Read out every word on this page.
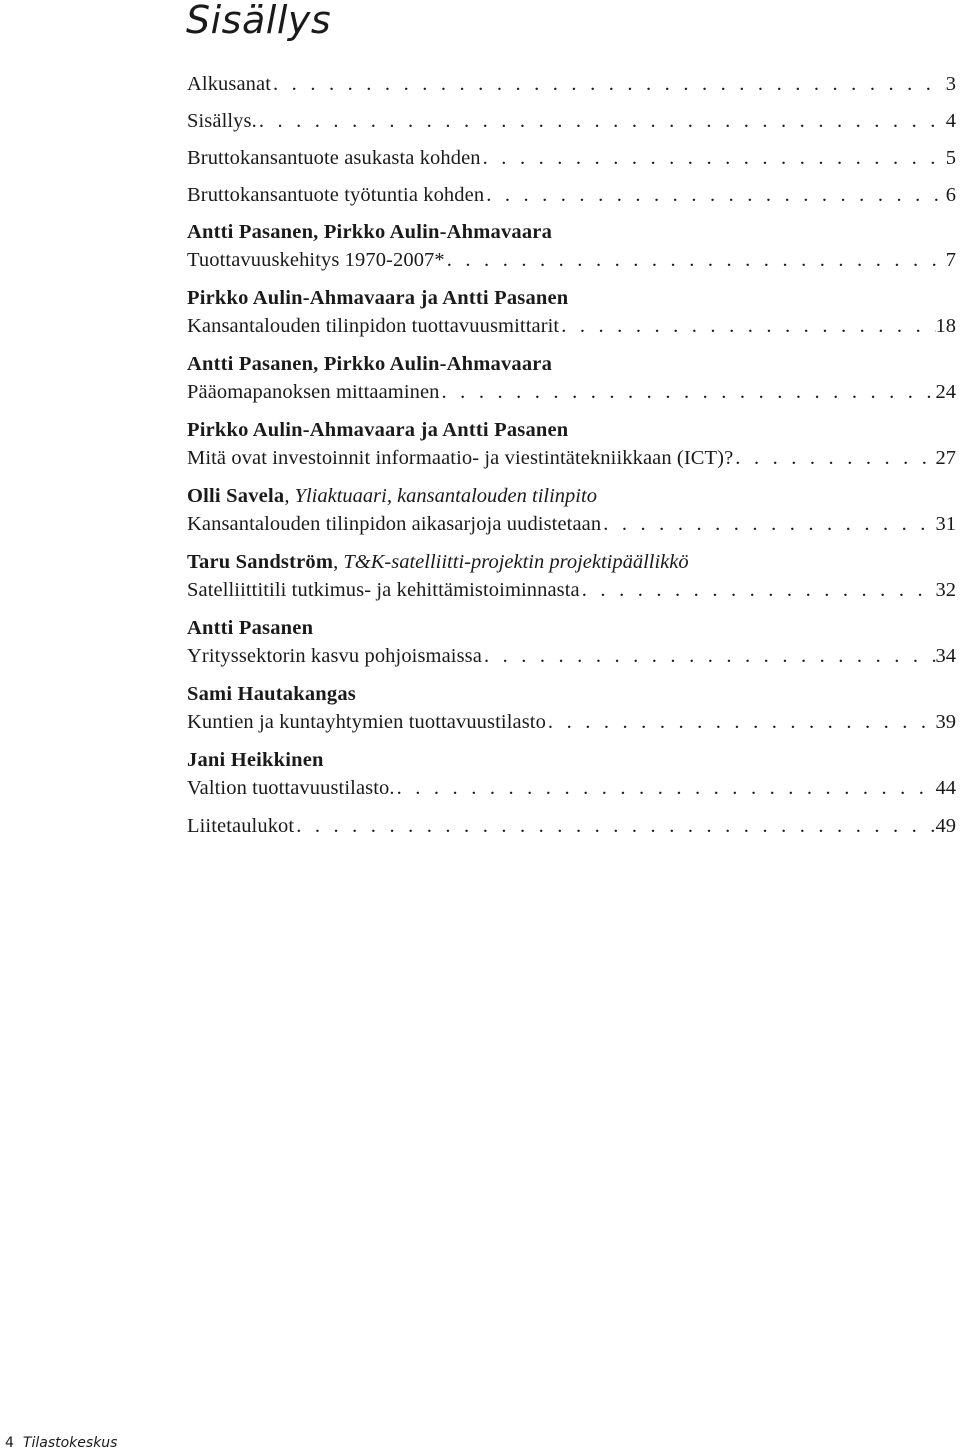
Sisällys
Alkusanat . . .	3
Sisällys. . . .	4
Bruttokansantuote asukasta kohden . . .	5
Bruttokansantuote työtuntia kohden . . .	6
Antti Pasanen, Pirkko Aulin-Ahmavaara
Tuottavuuskehitys 1970-2007* . . .	7
Pirkko Aulin-Ahmavaara ja Antti Pasanen
Kansantalouden tilinpidon tuottavuusmittarit . . .	18
Antti Pasanen, Pirkko Aulin-Ahmavaara
Pääomapanoksen mittaaminen . . .	24
Pirkko Aulin-Ahmavaara ja Antti Pasanen
Mitä ovat investoinnit informaatio- ja viestintätekniikkaan (ICT)? . . .	27
Olli Savela, Yliaktuaari, kansantalouden tilinpito
Kansantalouden tilinpidon aikasarjoja uudistetaan . . .	31
Taru Sandström, T&K-satelliitti-projektin projektipäällikkö
Satelliittitili tutkimus- ja kehittämistoiminnasta . . .	32
Antti Pasanen
Yrityssektorin kasvu pohjoismaissa . . .	34
Sami Hautakangas
Kuntien ja kuntayhtymien tuottavuustilasto . . .	39
Jani Heikkinen
Valtion tuottavuustilasto. . . .	44
Liitetaulukot . . .	49
4 Tilastokeskus
